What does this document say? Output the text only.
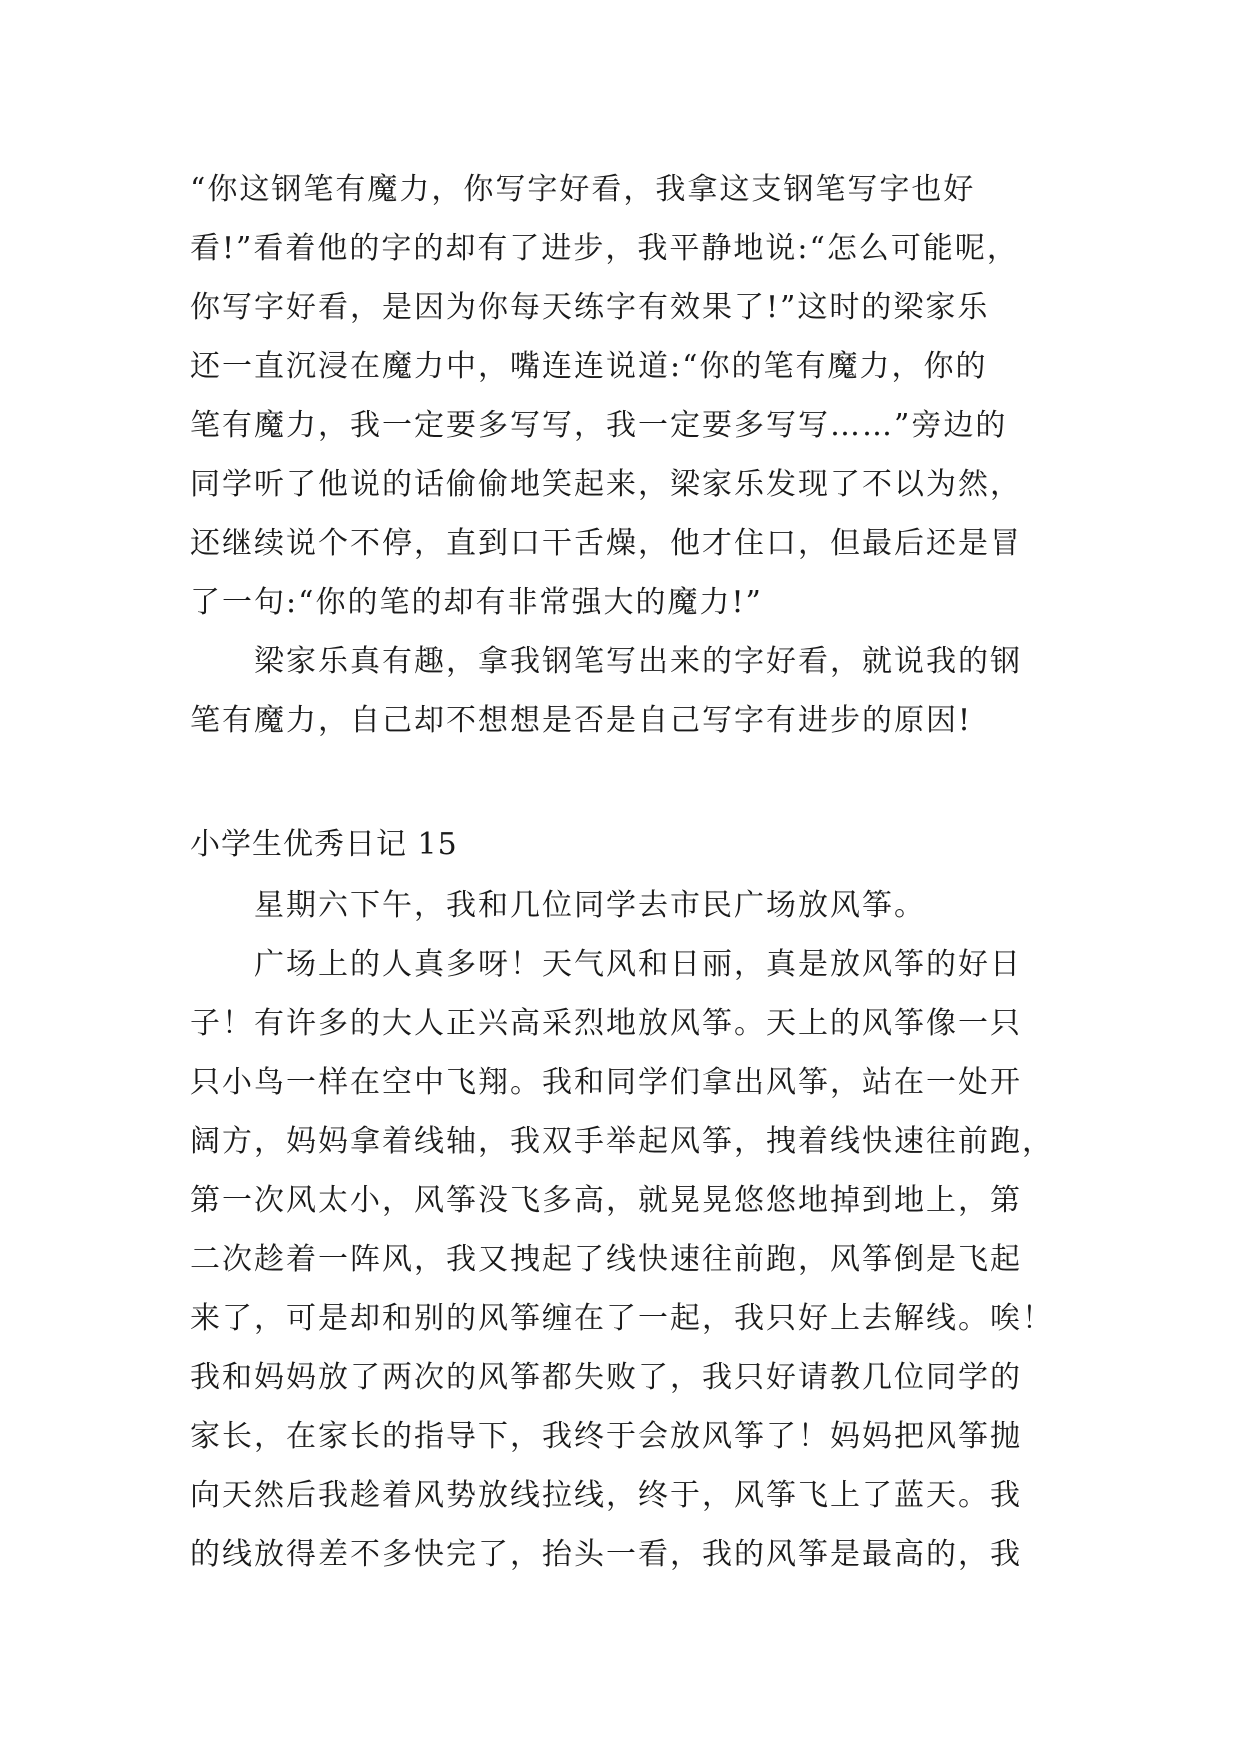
“你这钢笔有魔力，你写字好看，我拿这支钢笔写字也好
看!”看着他的字的却有了进步，我平静地说:“怎么可能呢，
你写字好看，是因为你每天练字有效果了!”这时的梁家乐
还一直沉浸在魔力中，嘴连连说道:“你的笔有魔力，你的
笔有魔力，我一定要多写写，我一定要多写写……”旁边的
同学听了他说的话偷偷地笑起来，梁家乐发现了不以为然，
还继续说个不停，直到口干舌燥，他才住口，但最后还是冒
了一句:“你的笔的却有非常强大的魔力!”
梁家乐真有趣，拿我钢笔写出来的字好看，就说我的钢
笔有魔力，自己却不想想是否是自己写字有进步的原因!
小学生优秀日记 15
星期六下午，我和几位同学去市民广场放风筝。
广场上的人真多呀！天气风和日丽，真是放风筝的好日
子！有许多的大人正兴高采烈地放风筝。天上的风筝像一只
只小鸟一样在空中飞翔。我和同学们拿出风筝，站在一处开
阔方，妈妈拿着线轴，我双手举起风筝，拽着线快速往前跑，
第一次风太小，风筝没飞多高，就晃晃悠悠地掉到地上，第
二次趁着一阵风，我又拽起了线快速往前跑，风筝倒是飞起
来了，可是却和别的风筝缠在了一起，我只好上去解线。唉！
我和妈妈放了两次的风筝都失败了，我只好请教几位同学的
家长，在家长的指导下，我终于会放风筝了！妈妈把风筝抛
向天然后我趁着风势放线拉线，终于，风筝飞上了蓝天。我
的线放得差不多快完了，抬头一看，我的风筝是最高的，我
